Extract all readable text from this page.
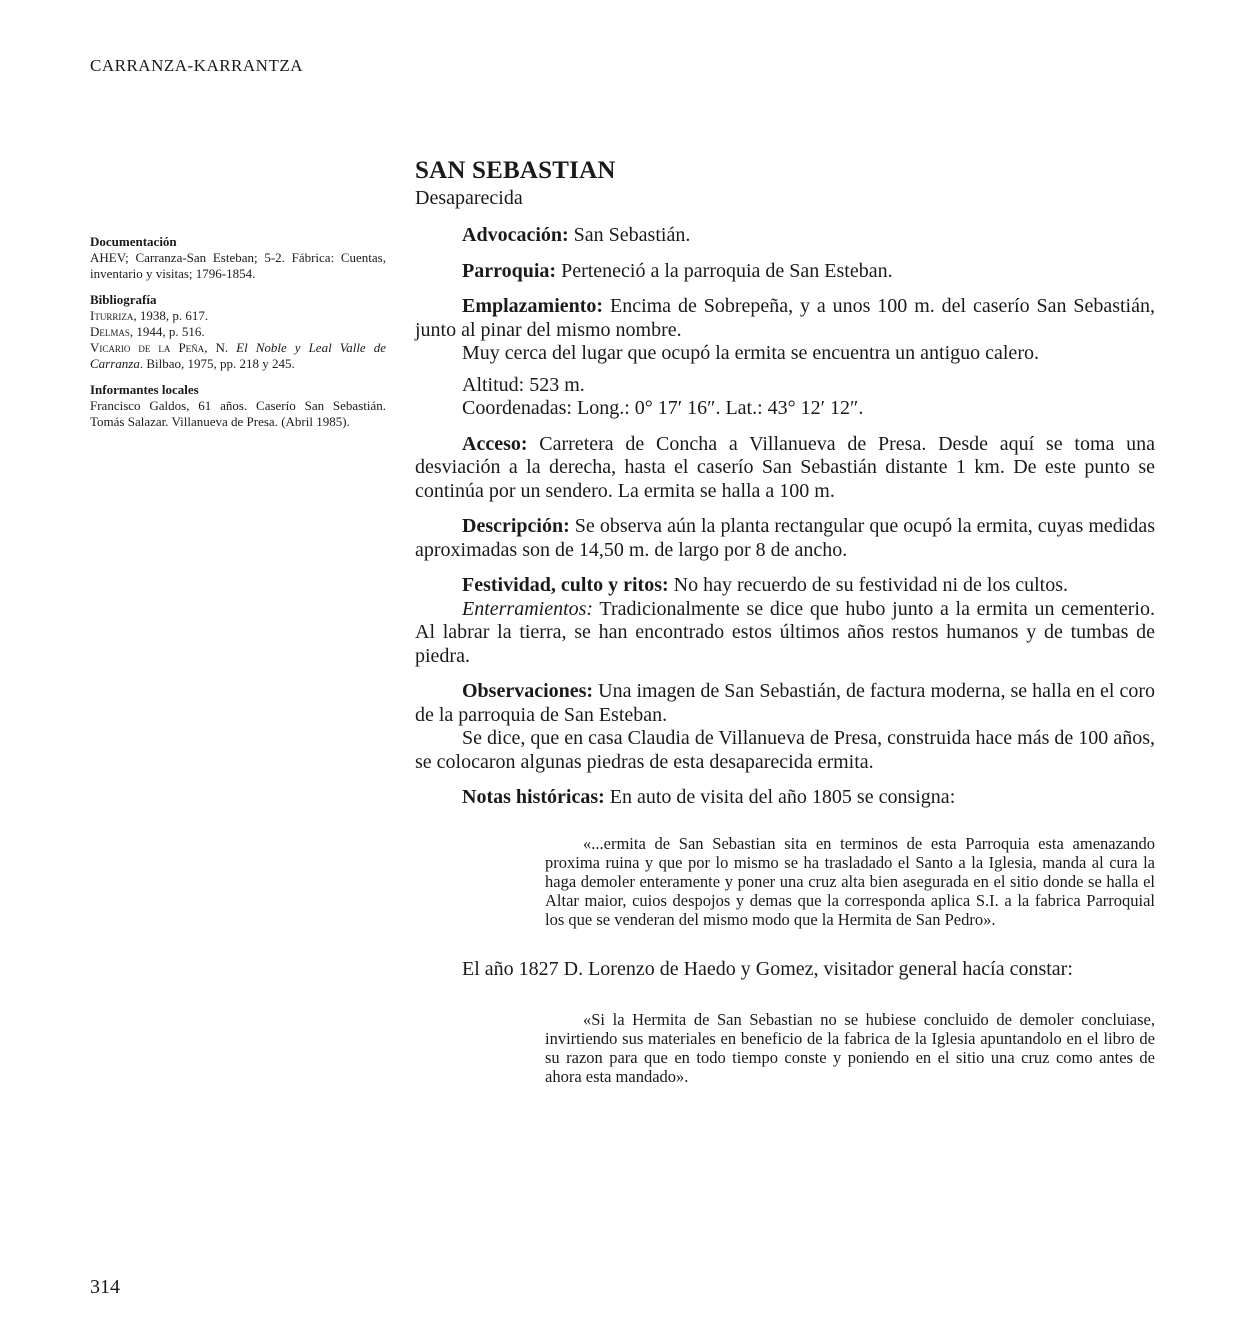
CARRANZA-KARRANTZA
Documentación
AHEV; Carranza-San Esteban; 5-2. Fábrica: Cuentas, inventario y visitas; 1796-1854.
Bibliografía
Iturriza, 1938, p. 617.
Delmas, 1944, p. 516.
Vicario de la Peña, N. El Noble y Leal Valle de Carranza. Bilbao, 1975, pp. 218 y 245.
Informantes locales
Francisco Galdos, 61 años. Caserío San Sebastián. Tomás Salazar. Villanueva de Presa. (Abril 1985).
SAN SEBASTIAN
Desaparecida

Advocación: San Sebastián.

Parroquia: Perteneció a la parroquia de San Esteban.

Emplazamiento: Encima de Sobrepeña, y a unos 100 m. del caserío San Sebastián, junto al pinar del mismo nombre.

Muy cerca del lugar que ocupó la ermita se encuentra un antiguo calero.

Altitud: 523 m.
Coordenadas: Long.: 0° 17′ 16″. Lat.: 43° 12′ 12″.

Acceso: Carretera de Concha a Villanueva de Presa. Desde aquí se toma una desviación a la derecha, hasta el caserío San Sebastián distante 1 km. De este punto se continúa por un sendero. La ermita se halla a 100 m.

Descripción: Se observa aún la planta rectangular que ocupó la ermita, cuyas medidas aproximadas son de 14,50 m. de largo por 8 de ancho.

Festividad, culto y ritos: No hay recuerdo de su festividad ni de los cultos.

Enterramientos: Tradicionalmente se dice que hubo junto a la ermita un cementerio. Al labrar la tierra, se han encontrado estos últimos años restos humanos y de tumbas de piedra.

Observaciones: Una imagen de San Sebastián, de factura moderna, se halla en el coro de la parroquia de San Esteban.

Se dice, que en casa Claudia de Villanueva de Presa, construida hace más de 100 años, se colocaron algunas piedras de esta desaparecida ermita.

Notas históricas: En auto de visita del año 1805 se consigna:

«...ermita de San Sebastian sita en terminos de esta Parroquia esta amenazando proxima ruina y que por lo mismo se ha trasladado el Santo a la Iglesia, manda al cura la haga demoler enteramente y poner una cruz alta bien asegurada en el sitio donde se halla el Altar maior, cuios despojos y demas que la corresponda aplica S.I. a la fabrica Parroquial los que se venderan del mismo modo que la Hermita de San Pedro».

El año 1827 D. Lorenzo de Haedo y Gomez, visitador general hacía constar:

«Si la Hermita de San Sebastian no se hubiese concluido de demoler concluiase, invirtiendo sus materiales en beneficio de la fabrica de la Iglesia apuntandolo en el libro de su razon para que en todo tiempo conste y poniendo en el sitio una cruz como antes de ahora esta mandado».

314
